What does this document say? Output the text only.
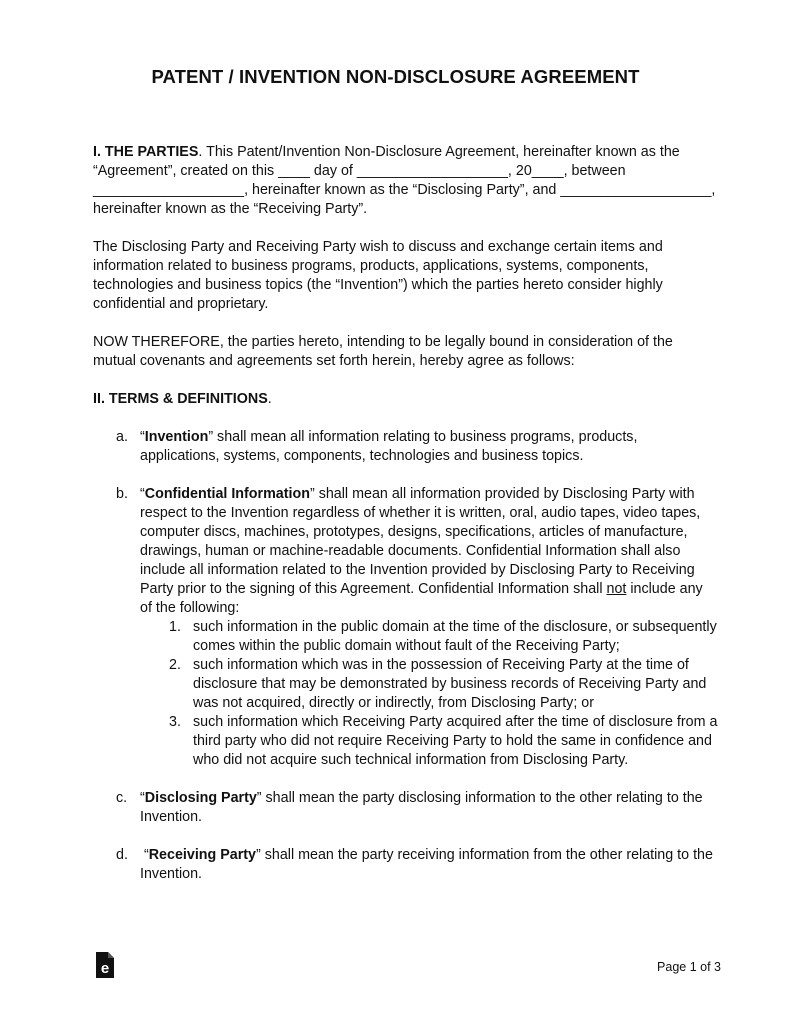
PATENT / INVENTION NON-DISCLOSURE AGREEMENT

I. THE PARTIES. This Patent/Invention Non-Disclosure Agreement, hereinafter known as the “Agreement”, created on this ____ day of ___________________, 20____, between ___________________, hereinafter known as the “Disclosing Party”, and ___________________, hereinafter known as the “Receiving Party”.

The Disclosing Party and Receiving Party wish to discuss and exchange certain items and information related to business programs, products, applications, systems, components, technologies and business topics (the “Invention”) which the parties hereto consider highly confidential and proprietary.

NOW THEREFORE, the parties hereto, intending to be legally bound in consideration of the mutual covenants and agreements set forth herein, hereby agree as follows:

II. TERMS & DEFINITIONS.

a. “Invention” shall mean all information relating to business programs, products, applications, systems, components, technologies and business topics.
b. “Confidential Information” shall mean all information provided by Disclosing Party with respect to the Invention regardless of whether it is written, oral, audio tapes, video tapes, computer discs, machines, prototypes, designs, specifications, articles of manufacture, drawings, human or machine-readable documents. Confidential Information shall also include all information related to the Invention provided by Disclosing Party to Receiving Party prior to the signing of this Agreement. Confidential Information shall not include any of the following:
1. such information in the public domain at the time of the disclosure, or subsequently comes within the public domain without fault of the Receiving Party;
2. such information which was in the possession of Receiving Party at the time of disclosure that may be demonstrated by business records of Receiving Party and was not acquired, directly or indirectly, from Disclosing Party; or
3. such information which Receiving Party acquired after the time of disclosure from a third party who did not require Receiving Party to hold the same in confidence and who did not acquire such technical information from Disclosing Party.
c. “Disclosing Party” shall mean the party disclosing information to the other relating to the Invention.
d. “Receiving Party” shall mean the party receiving information from the other relating to the Invention.
e	Page 1 of 3
